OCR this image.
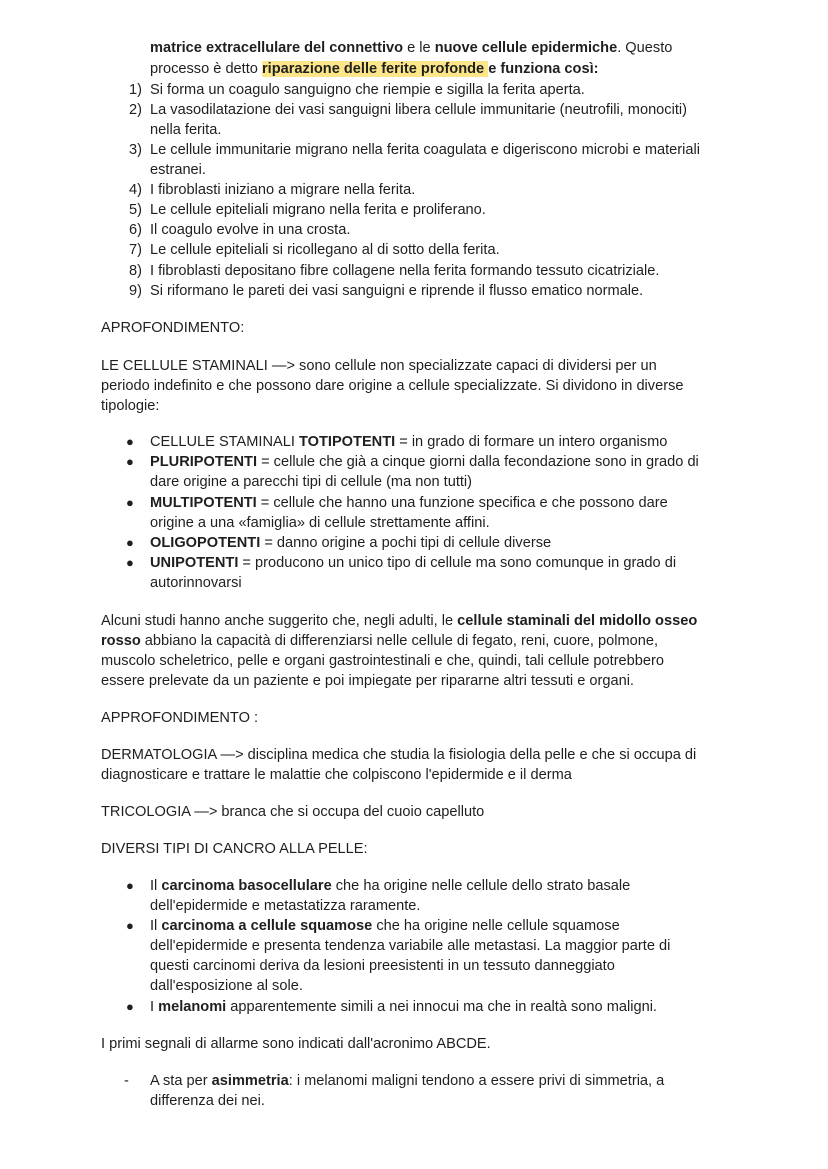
matrice extracellulare del connettivo e le nuove cellule epidermiche. Questo
processo è detto riparazione delle ferite profonde e funziona così:
1) Si forma un coagulo sanguigno che riempie e sigilla la ferita aperta.
2) La vasodilatazione dei vasi sanguigni libera cellule immunitarie (neutrofili, monociti)
nella ferita.
3) Le cellule immunitarie migrano nella ferita coagulata e digeriscono microbi e materiali
estranei.
4) I fibroblasti iniziano a migrare nella ferita.
5) Le cellule epiteliali migrano nella ferita e proliferano.
6) Il coagulo evolve in una crosta.
7) Le cellule epiteliali si ricollegano al di sotto della ferita.
8) I fibroblasti depositano fibre collagene nella ferita formando tessuto cicatriziale.
9) Si riformano le pareti dei vasi sanguigni e riprende il flusso ematico normale.
APROFONDIMENTO:
LE CELLULE STAMINALI —> sono cellule non specializzate capaci di dividersi per un
periodo indefinito e che possono dare origine a cellule specializzate. Si dividono in diverse
tipologie:
● CELLULE STAMINALI TOTIPOTENTI = in grado di formare un intero organismo
● PLURIPOTENTI = cellule che già a cinque giorni dalla fecondazione sono in grado di
dare origine a parecchi tipi di cellule (ma non tutti)
● MULTIPOTENTI = cellule che hanno una funzione specifica e che possono dare
origine a una «famiglia» di cellule strettamente affini.
● OLIGOPOTENTI = danno origine a pochi tipi di cellule diverse
● UNIPOTENTI = producono un unico tipo di cellule ma sono comunque in grado di
autorinnovarsi
Alcuni studi hanno anche suggerito che, negli adulti, le cellule staminali del midollo osseo
rosso abbiano la capacità di differenziarsi nelle cellule di fegato, reni, cuore, polmone,
muscolo scheletrico, pelle e organi gastrointestinali e che, quindi, tali cellule potrebbero
essere prelevate da un paziente e poi impiegate per ripararne altri tessuti e organi.
APPROFONDIMENTO :
DERMATOLOGIA —> disciplina medica che studia la fisiologia della pelle e che si occupa di
diagnosticare e trattare le malattie che colpiscono l'epidermide e il derma
TRICOLOGIA —> branca che si occupa del cuoio capelluto
DIVERSI TIPI DI CANCRO ALLA PELLE:
● Il carcinoma basocellulare che ha origine nelle cellule dello strato basale
dell'epidermide e metastatizza raramente.
● Il carcinoma a cellule squamose che ha origine nelle cellule squamose
dell'epidermide e presenta tendenza variabile alle metastasi. La maggior parte di
questi carcinomi deriva da lesioni preesistenti in un tessuto danneggiato
dall'esposizione al sole.
● I melanomi apparentemente simili a nei innocui ma che in realtà sono maligni.
I primi segnali di allarme sono indicati dall'acronimo ABCDE.
- A sta per asimmetria: i melanomi maligni tendono a essere privi di simmetria, a
differenza dei nei.
